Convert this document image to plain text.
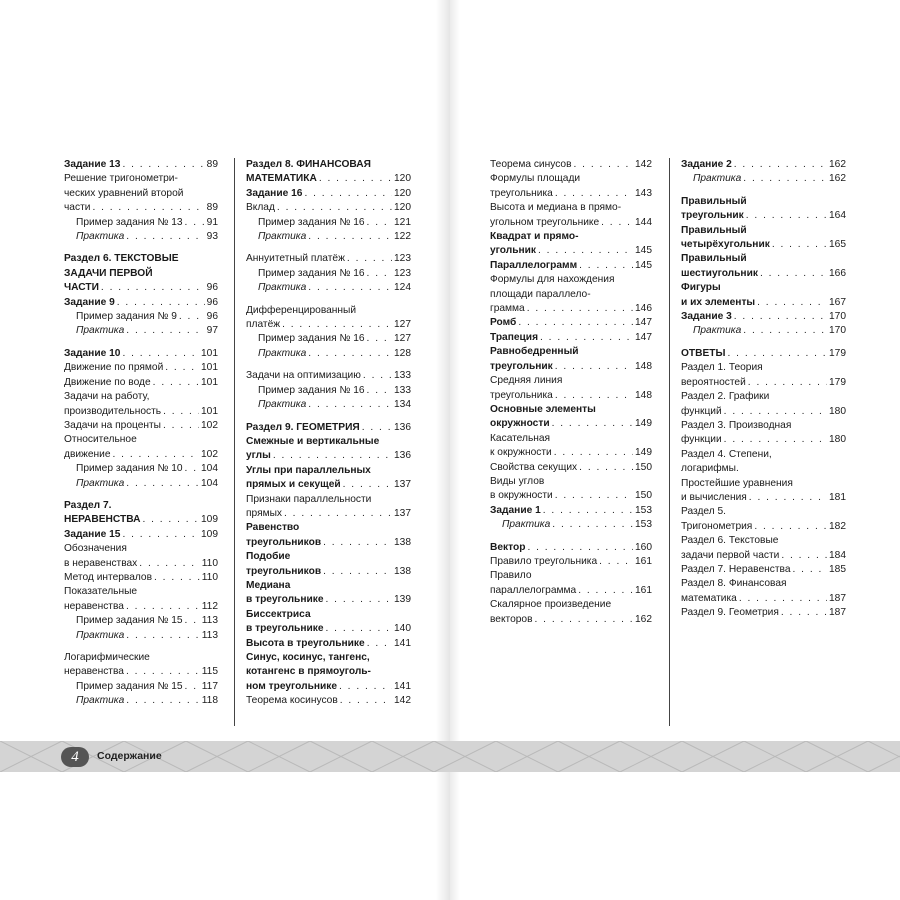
Задание 13 . . .	89
Решение тригонометри-
ческих уравнений второй
части . . .	89
Пример задания № 13 . . . 91
Практика . . .	93
Раздел 6. ТЕКСТОВЫЕ
ЗАДАЧИ ПЕРВОЙ
ЧАСТИ . . .	96
Задание 9 . . .	96
Пример задания № 9 . . .	96
Практика . . .	97
Задание 10 . . .	101
Движение по прямой . . .	101
Движение по воде . . .	101
Задачи на работу,
производительность . . .	101
Задачи на проценты . . .	102
Относительное
движение . . .	102
Пример задания № 10 . . . 104
Практика . . .	104
Раздел 7.
НЕРАВЕНСТВА . . .	109
Задание 15 . . .	109
Обозначения
в неравенствах . . .	110
Метод интервалов . . .	110
Показательные
неравенства . . .	112
Пример задания № 15 . . . 113
Практика . . .	113
Логарифмические
неравенства . . .	115
Пример задания № 15 . . . 117
Практика . . .	118
Раздел 8. ФИНАНСОВАЯ
МАТЕМАТИКА . . .	120
Задание 16 . . .	120
Вклад . . .	120
Пример задания № 16 . . .	121
Практика . . .	122
Аннуитетный платёж . . .	123
Пример задания № 16 . . .	123
Практика . . .	124
Дифференцированный
платёж . . .	127
Пример задания № 16 . . .	127
Практика . . .	128
Задачи на оптимизацию . . .	133
Пример задания № 16 . . .	133
Практика . . .	134
Раздел 9. ГЕОМЕТРИЯ . . .	136
Смежные и вертикальные
углы . . .	136
Углы при параллельных
прямых и секущей . . .	137
Признаки параллельности
прямых . . .	137
Равенство
треугольников . . .	138
Подобие
треугольников . . .	138
Медиана
в треугольнике . . .	139
Биссектриса
в треугольнике . . .	140
Высота в треугольнике . . .	141
Синус, косинус, тангенс,
котангенс в прямоуголь-
ном треугольнике . . .	141
Теорема косинусов . . .	142
Теорема синусов . . .	142
Формулы площади
треугольника . . .	143
Высота и медиана в прямо-
угольном треугольнике . . .	144
Квадрат и прямо-
угольник . . .	145
Параллелограмм . . .	145
Формулы для нахождения
площади параллело-
грамма . . .	146
Ромб . . .	147
Трапеция . . .	147
Равнобедренный
треугольник . . .	148
Средняя линия
треугольника . . .	148
Основные элементы
окружности . . .	149
Касательная
к окружности . . .	149
Свойства секущих . . .	150
Виды углов
в окружности . . .	150
Задание 1 . . .	153
Практика . . .	153
Вектор . . .	160
Правило треугольника . . .	161
Правило
параллелограмма . . .	161
Скалярное произведение
векторов . . .	162
Задание 2 . . .	162
Практика . . .	162
Правильный
треугольник . . .	164
Правильный
четырёхугольник . . .	165
Правильный
шестиугольник . . .	166
Фигуры
и их элементы . . .	167
Задание 3 . . .	170
Практика . . .	170
ОТВЕТЫ . . .	179
Раздел 1. Теория
вероятностей . . .	179
Раздел 2. Графики
функций . . .	180
Раздел 3. Производная
функции . . .	180
Раздел 4. Степени,
логарифмы.
Простейшие уравнения
и вычисления . . .	181
Раздел 5.
Тригонометрия . . .	182
Раздел 6. Текстовые
задачи первой части . . .	184
Раздел 7. Неравенства . . .	185
Раздел 8. Финансовая
математика . . .	187
Раздел 9. Геометрия . . .	187
4	Содержание
